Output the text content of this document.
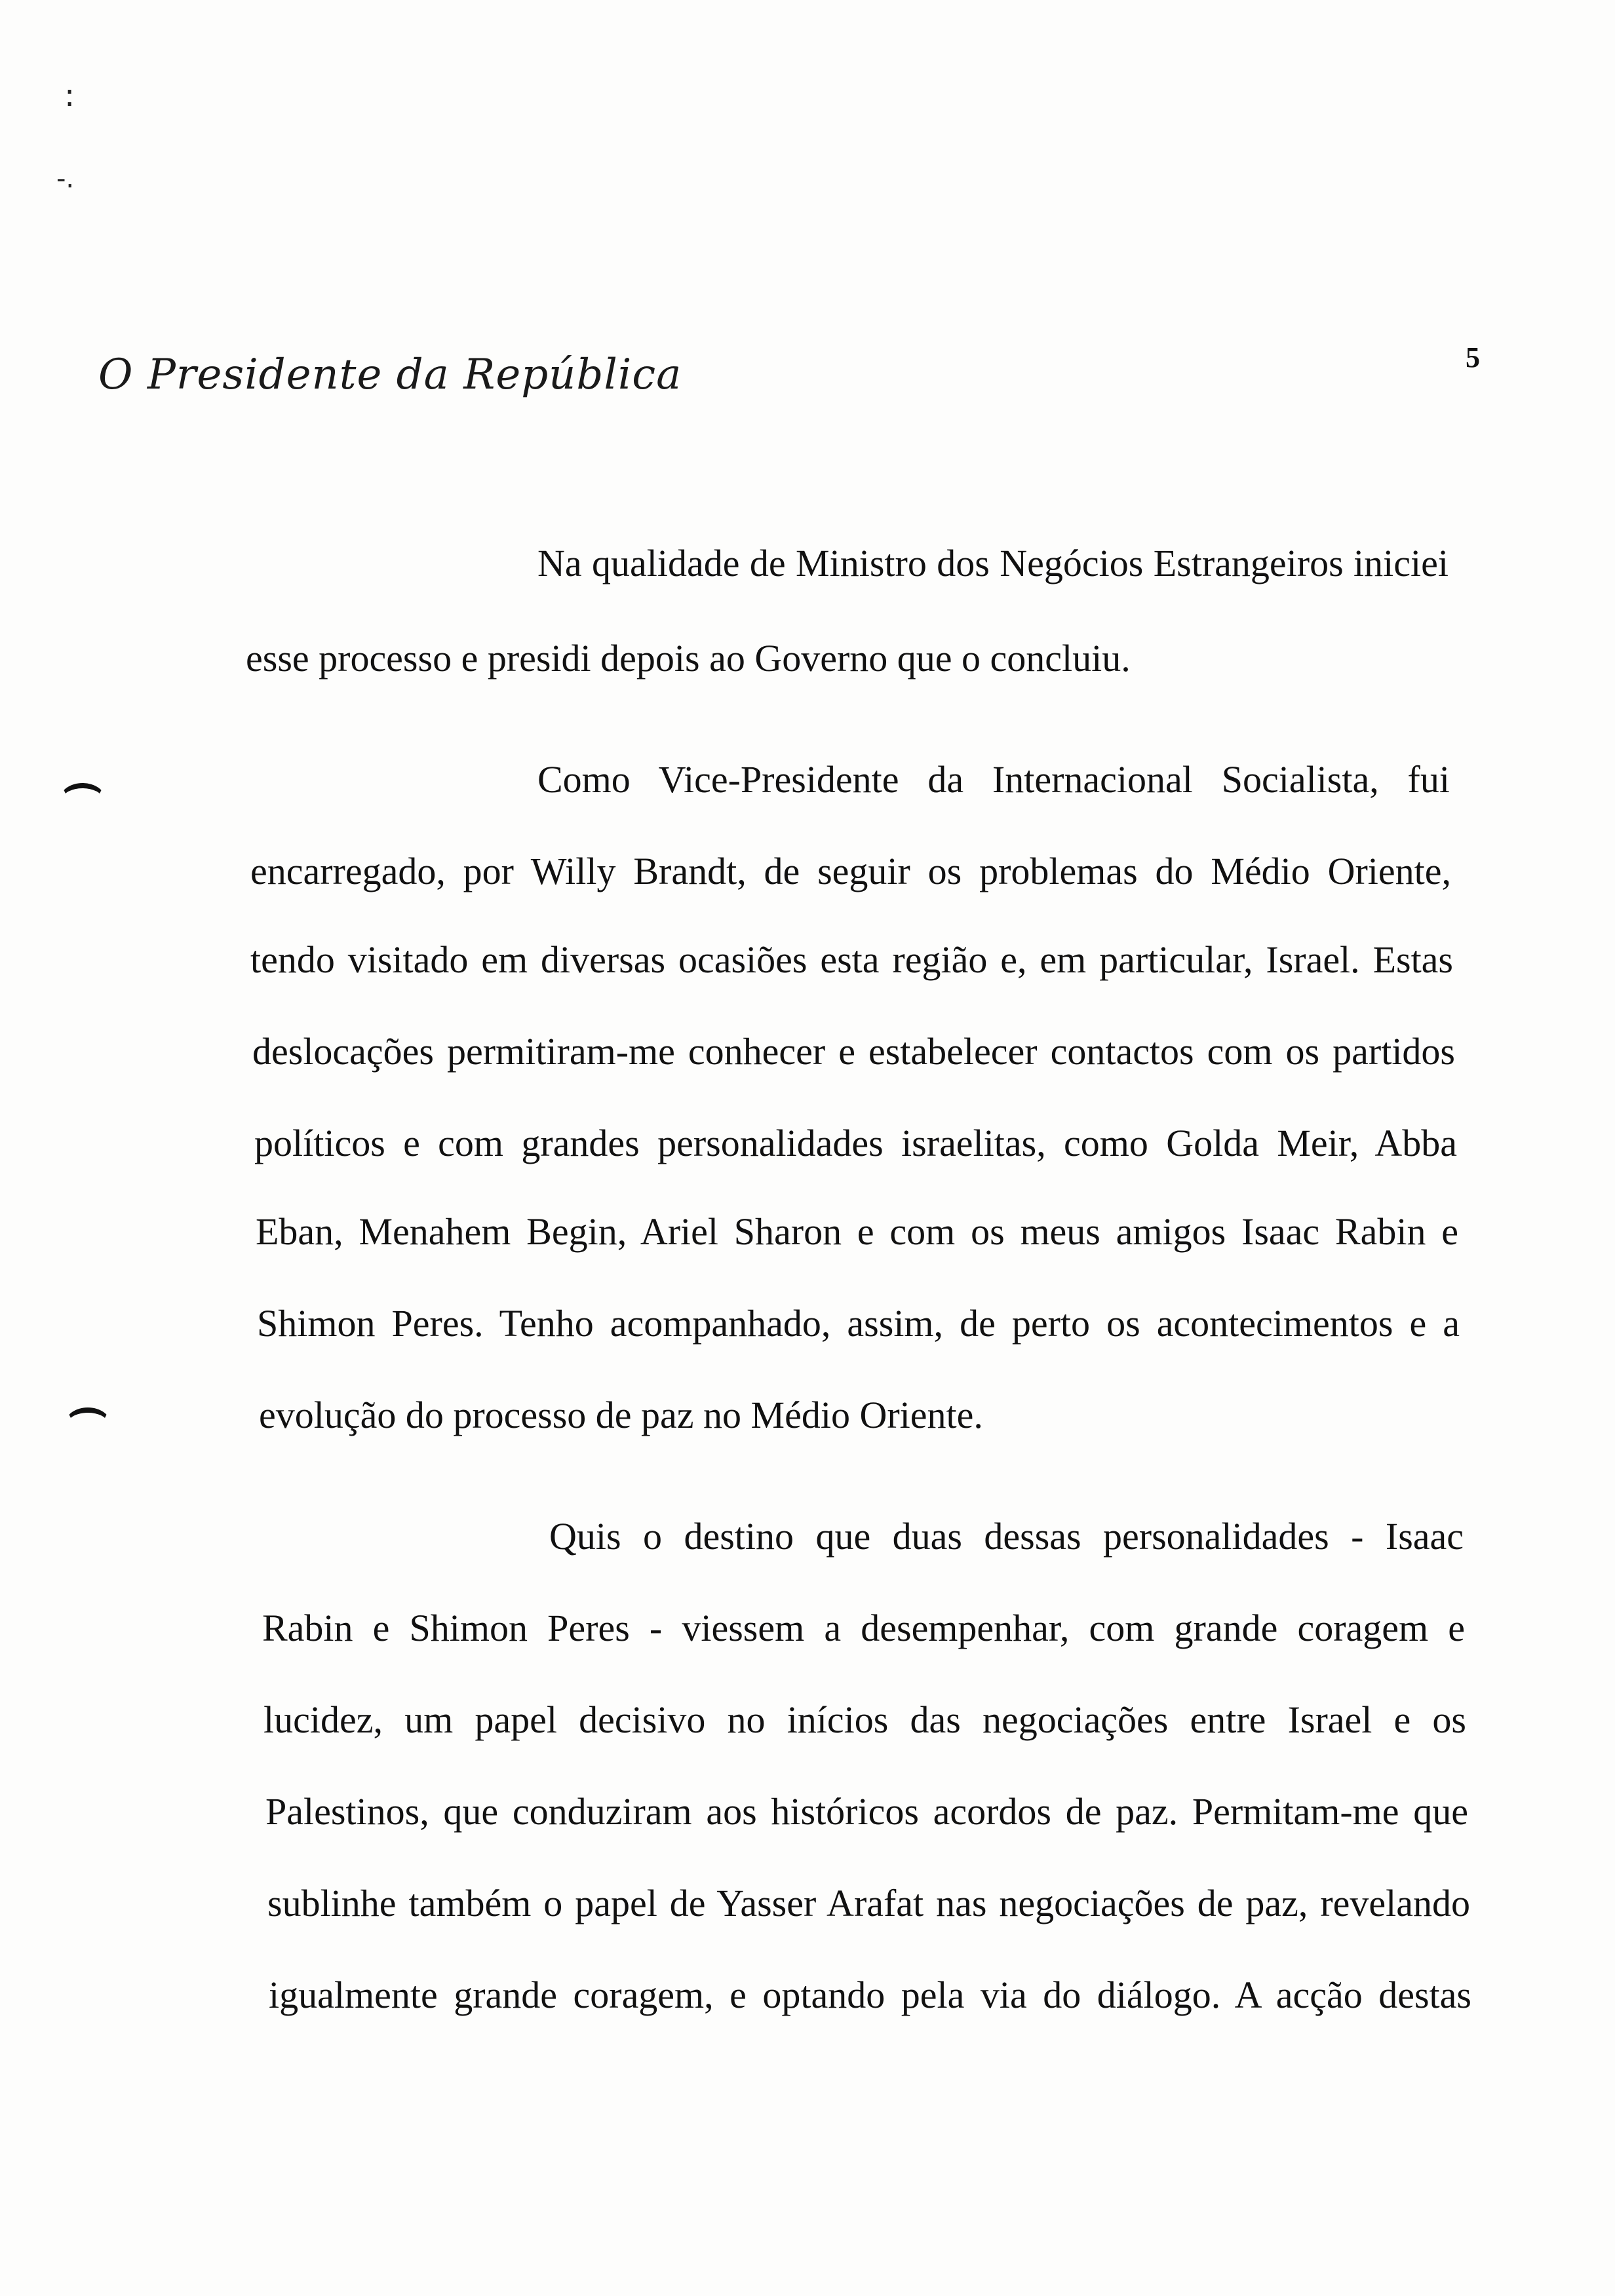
:
-.
O Presidente da República	5
Na qualidade de Ministro dos Negócios Estrangeiros iniciei
esse processo e presidi depois ao Governo que o concluiu.
Como Vice-Presidente da Internacional Socialista, fui
encarregado, por Willy Brandt, de seguir os problemas do Médio Oriente,
tendo visitado em diversas ocasiões esta região e, em particular, Israel. Estas
deslocações permitiram-me conhecer e estabelecer contactos com os partidos
políticos e com grandes personalidades israelitas, como Golda Meir, Abba
Eban, Menahem Begin, Ariel Sharon e com os meus amigos Isaac Rabin e
Shimon Peres. Tenho acompanhado, assim, de perto os acontecimentos e a
evolução do processo de paz no Médio Oriente.
Quis o destino que duas dessas personalidades - Isaac
Rabin e Shimon Peres - viessem a desempenhar, com grande coragem e
lucidez, um papel decisivo no inícios das negociações entre Israel e os
Palestinos, que conduziram aos históricos acordos de paz. Permitam-me que
sublinhe também o papel de Yasser Arafat nas negociações de paz, revelando
igualmente grande coragem, e optando pela via do diálogo. A acção destas
